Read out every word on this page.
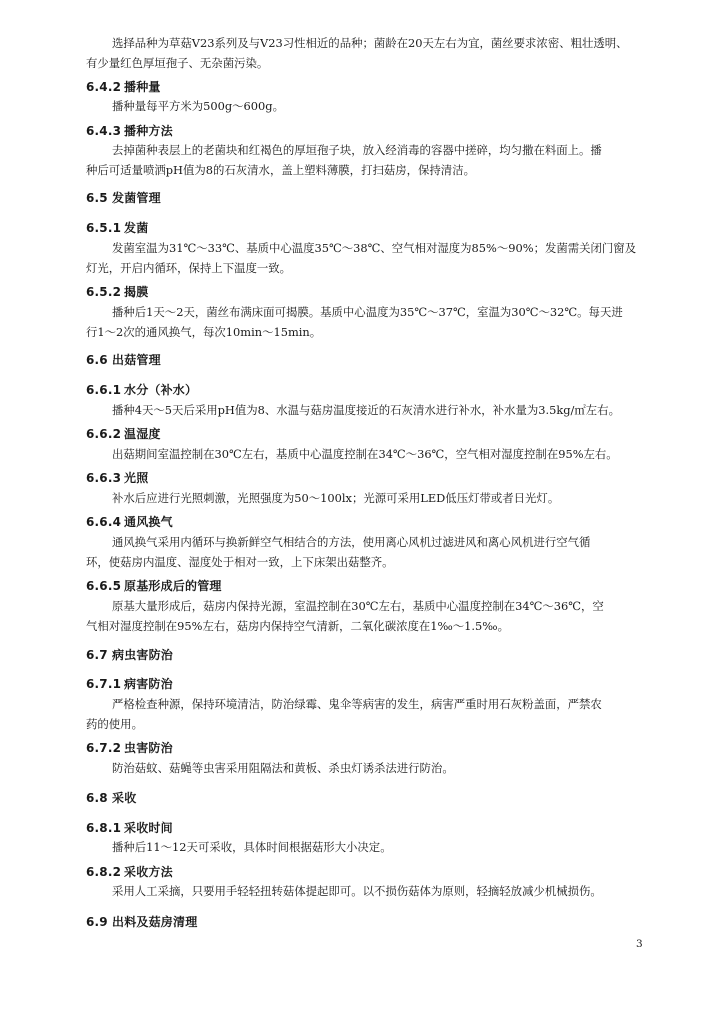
选择品种为草菇V23系列及与V23习性相近的品种；菌龄在20天左右为宜，菌丝要求浓密、粗壮透明、
有少量红色厚垣孢子、无杂菌污染。
6.4.2 播种量
播种量每平方米为500g～600g。
6.4.3 播种方法
去掉菌种表层上的老菌块和红褐色的厚垣孢子块，放入经消毒的容器中搓碎，均匀撒在料面上。播
种后可适量喷洒pH值为8的石灰清水，盖上塑料薄膜，打扫菇房，保持清洁。
6.5 发菌管理
6.5.1 发菌
发菌室温为31℃～33℃、基质中心温度35℃～38℃、空气相对湿度为85%～90%；发菌需关闭门窗及
灯光，开启内循环，保持上下温度一致。
6.5.2 揭膜
播种后1天～2天，菌丝布满床面可揭膜。基质中心温度为35℃～37℃，室温为30℃～32℃。每天进
行1～2次的通风换气，每次10min～15min。
6.6 出菇管理
6.6.1 水分（补水）
播种4天～5天后采用pH值为8、水温与菇房温度接近的石灰清水进行补水，补水量为3.5kg/㎡左右。
6.6.2 温湿度
出菇期间室温控制在30℃左右，基质中心温度控制在34℃～36℃，空气相对湿度控制在95%左右。
6.6.3 光照
补水后应进行光照刺激，光照强度为50～100lx；光源可采用LED低压灯带或者日光灯。
6.6.4 通风换气
通风换气采用内循环与换新鲜空气相结合的方法，使用离心风机过滤进风和离心风机进行空气循
环，使菇房内温度、湿度处于相对一致，上下床架出菇整齐。
6.6.5 原基形成后的管理
原基大量形成后，菇房内保持光源，室温控制在30℃左右，基质中心温度控制在34℃～36℃，空
气相对湿度控制在95%左右，菇房内保持空气清新，二氧化碳浓度在1‰～1.5‰。
6.7 病虫害防治
6.7.1 病害防治
严格检查种源，保持环境清洁，防治绿霉、鬼伞等病害的发生，病害严重时用石灰粉盖面，严禁农
药的使用。
6.7.2 虫害防治
防治菇蚊、菇蝇等虫害采用阻隔法和黄板、杀虫灯诱杀法进行防治。
6.8 采收
6.8.1 采收时间
播种后11～12天可采收，具体时间根据菇形大小决定。
6.8.2 采收方法
采用人工采摘，只要用手轻轻扭转菇体提起即可。以不损伤菇体为原则，轻摘轻放减少机械损伤。
6.9 出料及菇房清理
3
